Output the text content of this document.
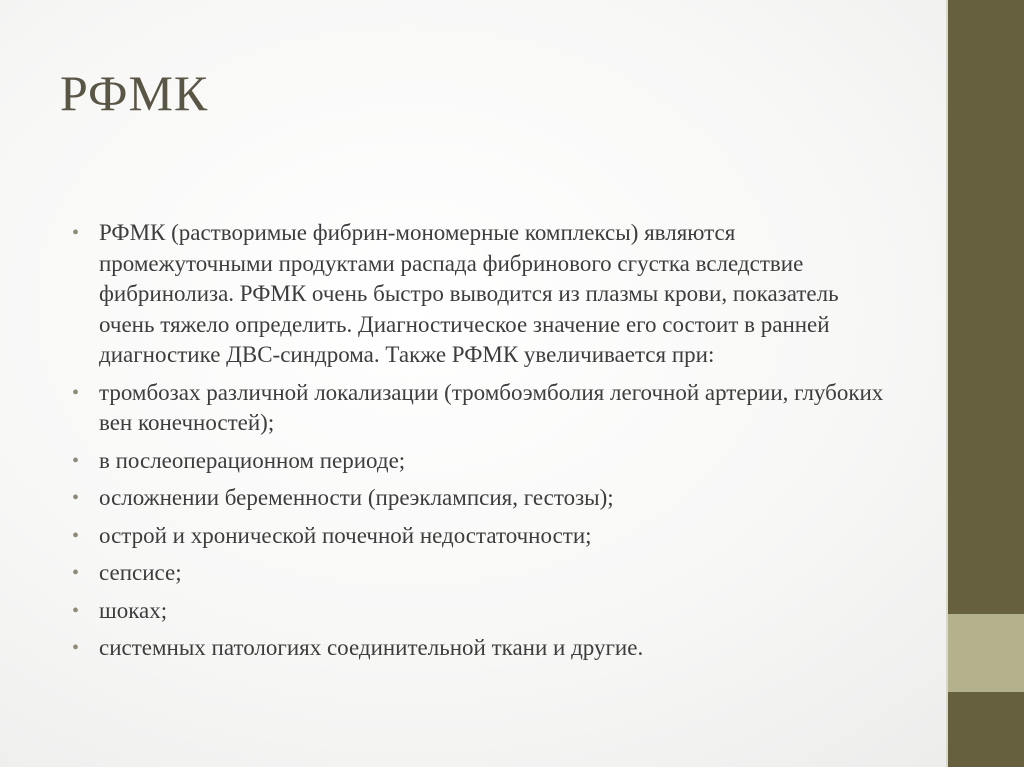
РФМК
• РФМК (растворимые фибрин-мономерные комплексы) являются промежуточными продуктами распада фибринового сгустка вследствие фибринолиза. РФМК очень быстро выводится из плазмы крови, показатель очень тяжело определить. Диагностическое значение его состоит в ранней диагностике ДВС-синдрома. Также РФМК увеличивается при:
• тромбозах различной локализации (тромбоэмболия легочной артерии, глубоких вен конечностей);
• в послеоперационном периоде;
• осложнении беременности (преэклампсия, гестозы);
• острой и хронической почечной недостаточности;
• сепсисе;
• шоках;
• системных патологиях соединительной ткани и другие.
